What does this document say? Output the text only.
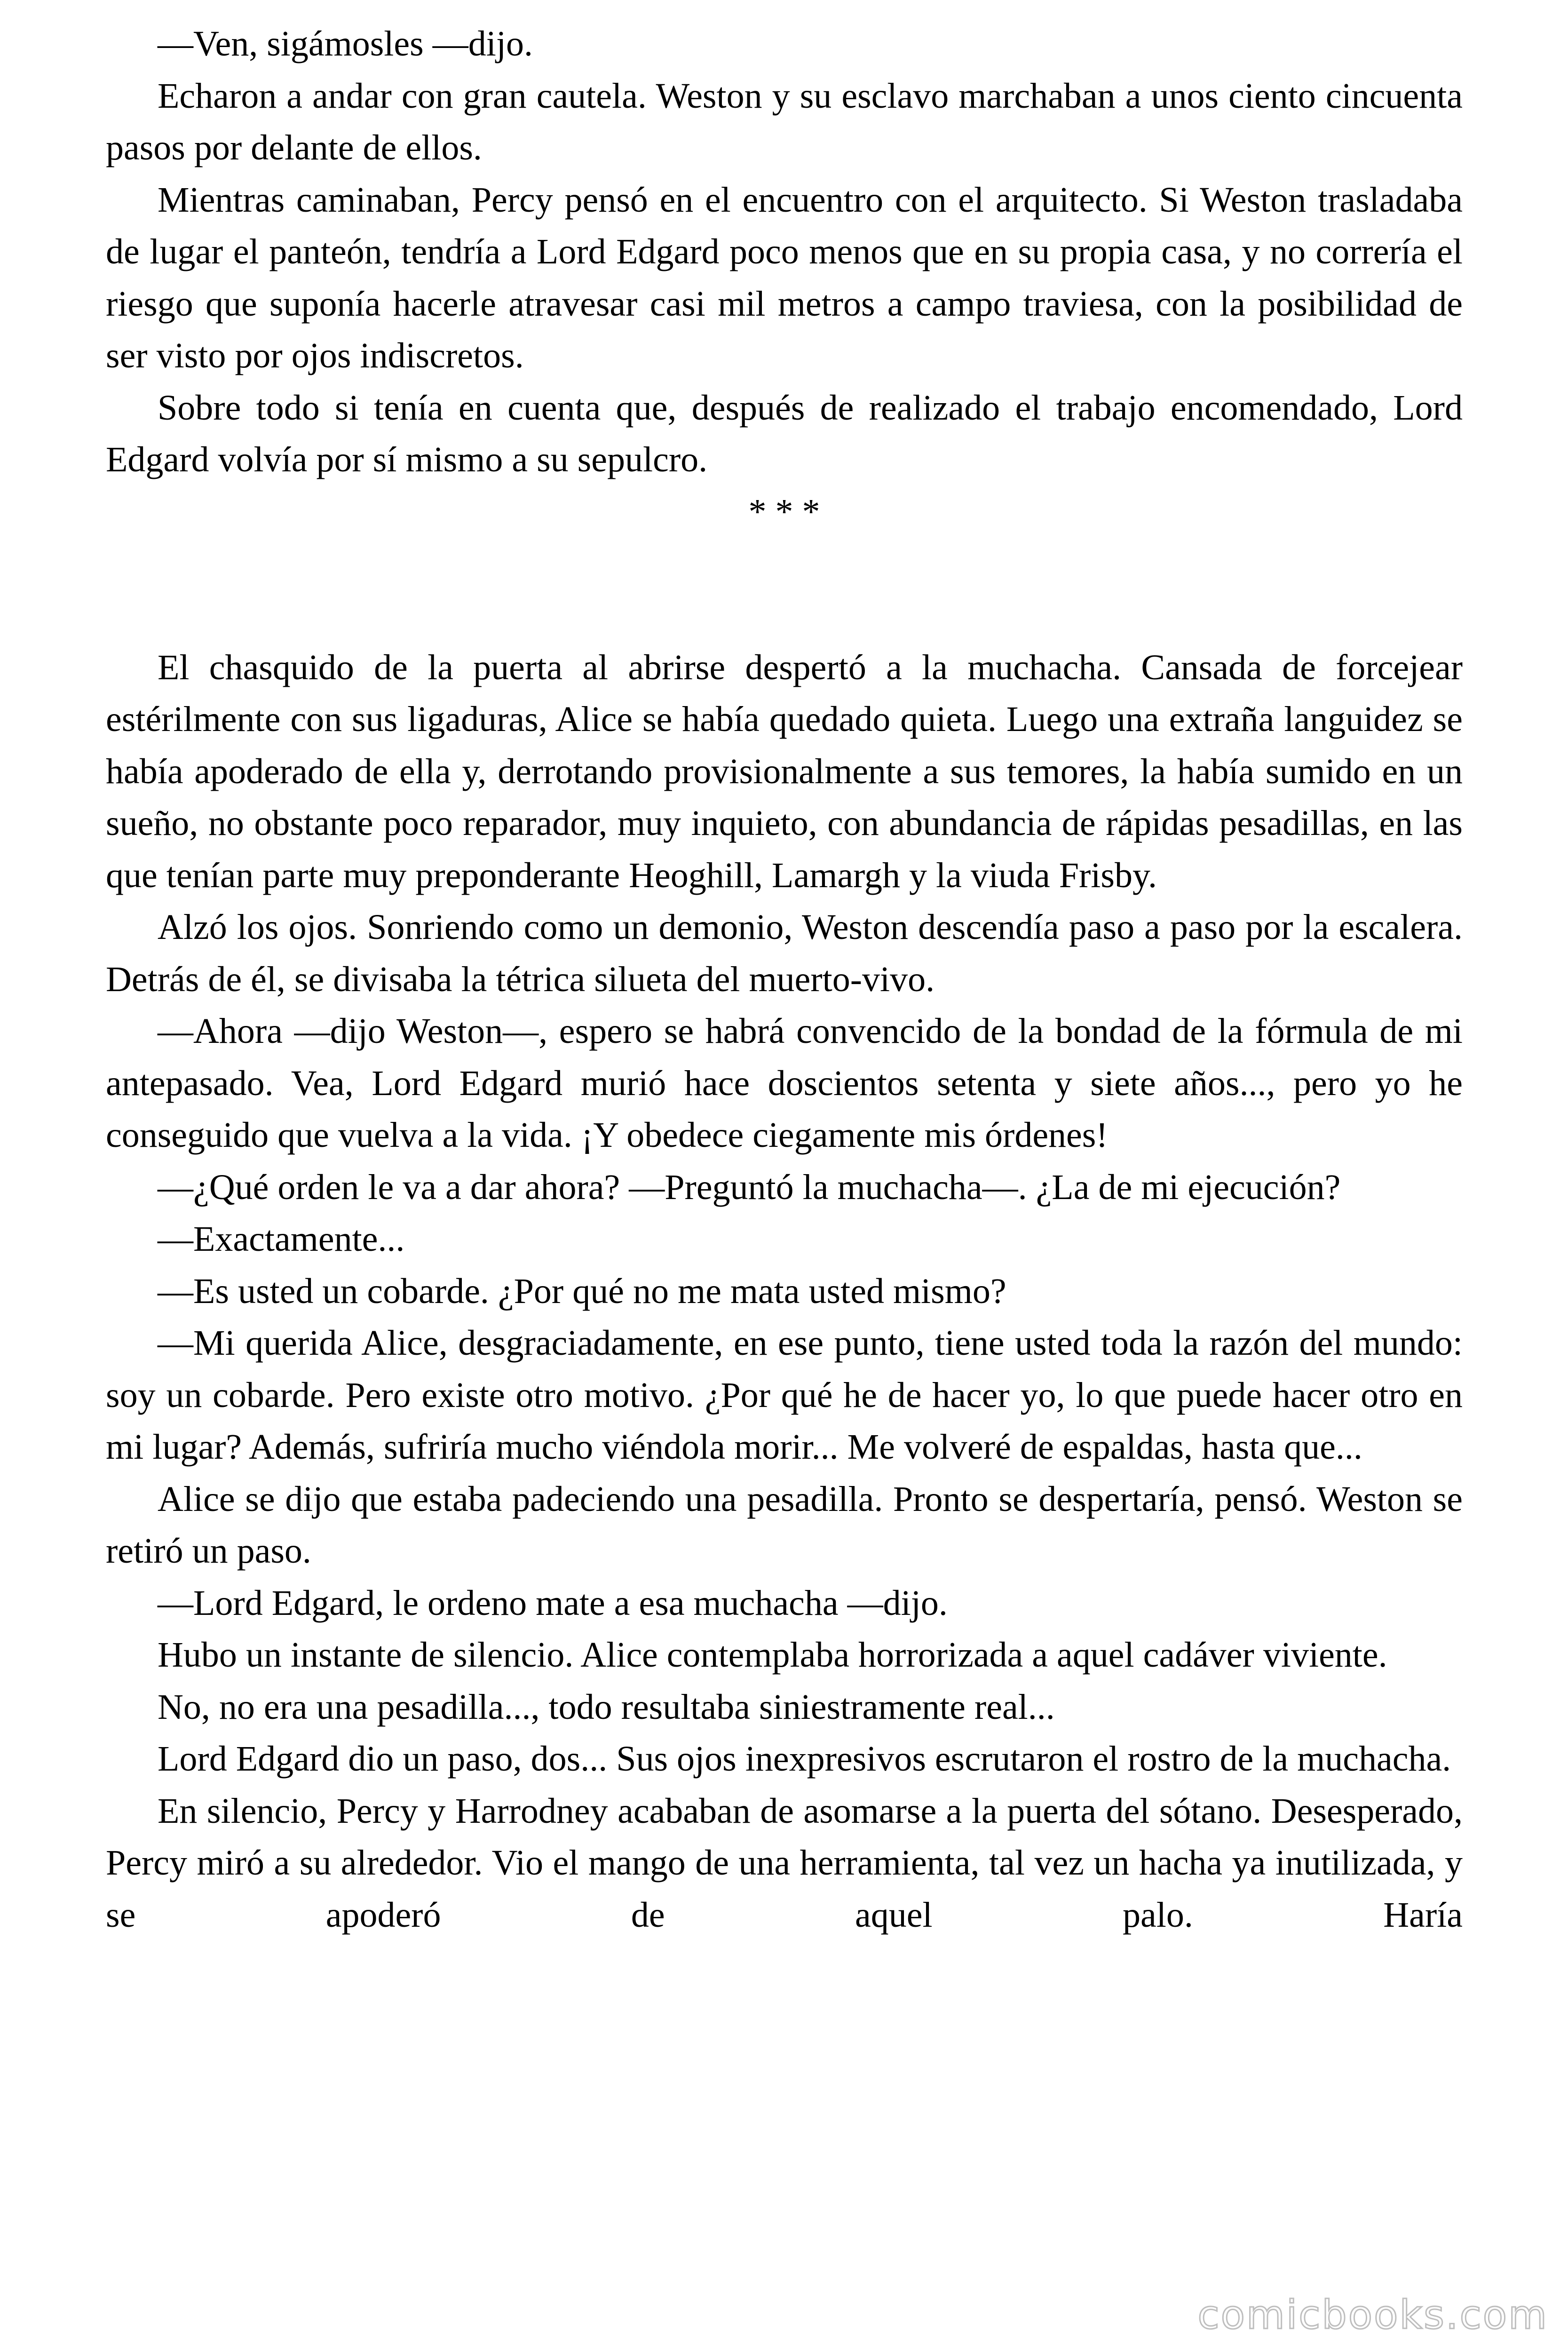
—Ven, sigámosles —dijo.

Echaron a andar con gran cautela. Weston y su esclavo marchaban a unos ciento cincuenta pasos por delante de ellos.

Mientras caminaban, Percy pensó en el encuentro con el arquitecto. Si Weston trasladaba de lugar el panteón, tendría a Lord Edgard poco menos que en su propia casa, y no correría el riesgo que suponía hacerle atravesar casi mil metros a campo traviesa, con la posibilidad de ser visto por ojos indiscretos.

Sobre todo si tenía en cuenta que, después de realizado el trabajo encomendado, Lord Edgard volvía por sí mismo a su sepulcro.

* * *

El chasquido de la puerta al abrirse despertó a la muchacha. Cansada de forcejear estérilmente con sus ligaduras, Alice se había quedado quieta. Luego una extraña languidez se había apoderado de ella y, derrotando provisionalmente a sus temores, la había sumido en un sueño, no obstante poco reparador, muy inquieto, con abundancia de rápidas pesadillas, en las que tenían parte muy preponderante Heoghill, Lamargh y la viuda Frisby.

Alzó los ojos. Sonriendo como un demonio, Weston descendía paso a paso por la escalera. Detrás de él, se divisaba la tétrica silueta del muerto-vivo.

—Ahora —dijo Weston—, espero se habrá convencido de la bondad de la fórmula de mi antepasado. Vea, Lord Edgard murió hace doscientos setenta y siete años..., pero yo he conseguido que vuelva a la vida. ¡Y obedece ciegamente mis órdenes!

—¿Qué orden le va a dar ahora? —Preguntó la muchacha—. ¿La de mi ejecución?

—Exactamente...

—Es usted un cobarde. ¿Por qué no me mata usted mismo?

—Mi querida Alice, desgraciadamente, en ese punto, tiene usted toda la razón del mundo: soy un cobarde. Pero existe otro motivo. ¿Por qué he de hacer yo, lo que puede hacer otro en mi lugar? Además, sufriría mucho viéndola morir... Me volveré de espaldas, hasta que...

Alice se dijo que estaba padeciendo una pesadilla. Pronto se despertaría, pensó. Weston se retiró un paso.

—Lord Edgard, le ordeno mate a esa muchacha —dijo.

Hubo un instante de silencio. Alice contemplaba horrorizada a aquel cadáver viviente.

No, no era una pesadilla..., todo resultaba siniestramente real...

Lord Edgard dio un paso, dos... Sus ojos inexpresivos escrutaron el rostro de la muchacha.

En silencio, Percy y Harrodney acababan de asomarse a la puerta del sótano. Desesperado, Percy miró a su alrededor. Vio el mango de una herramienta, tal vez un hacha ya inutilizada, y se apoderó de aquel palo. Haría

comicbooks.com
